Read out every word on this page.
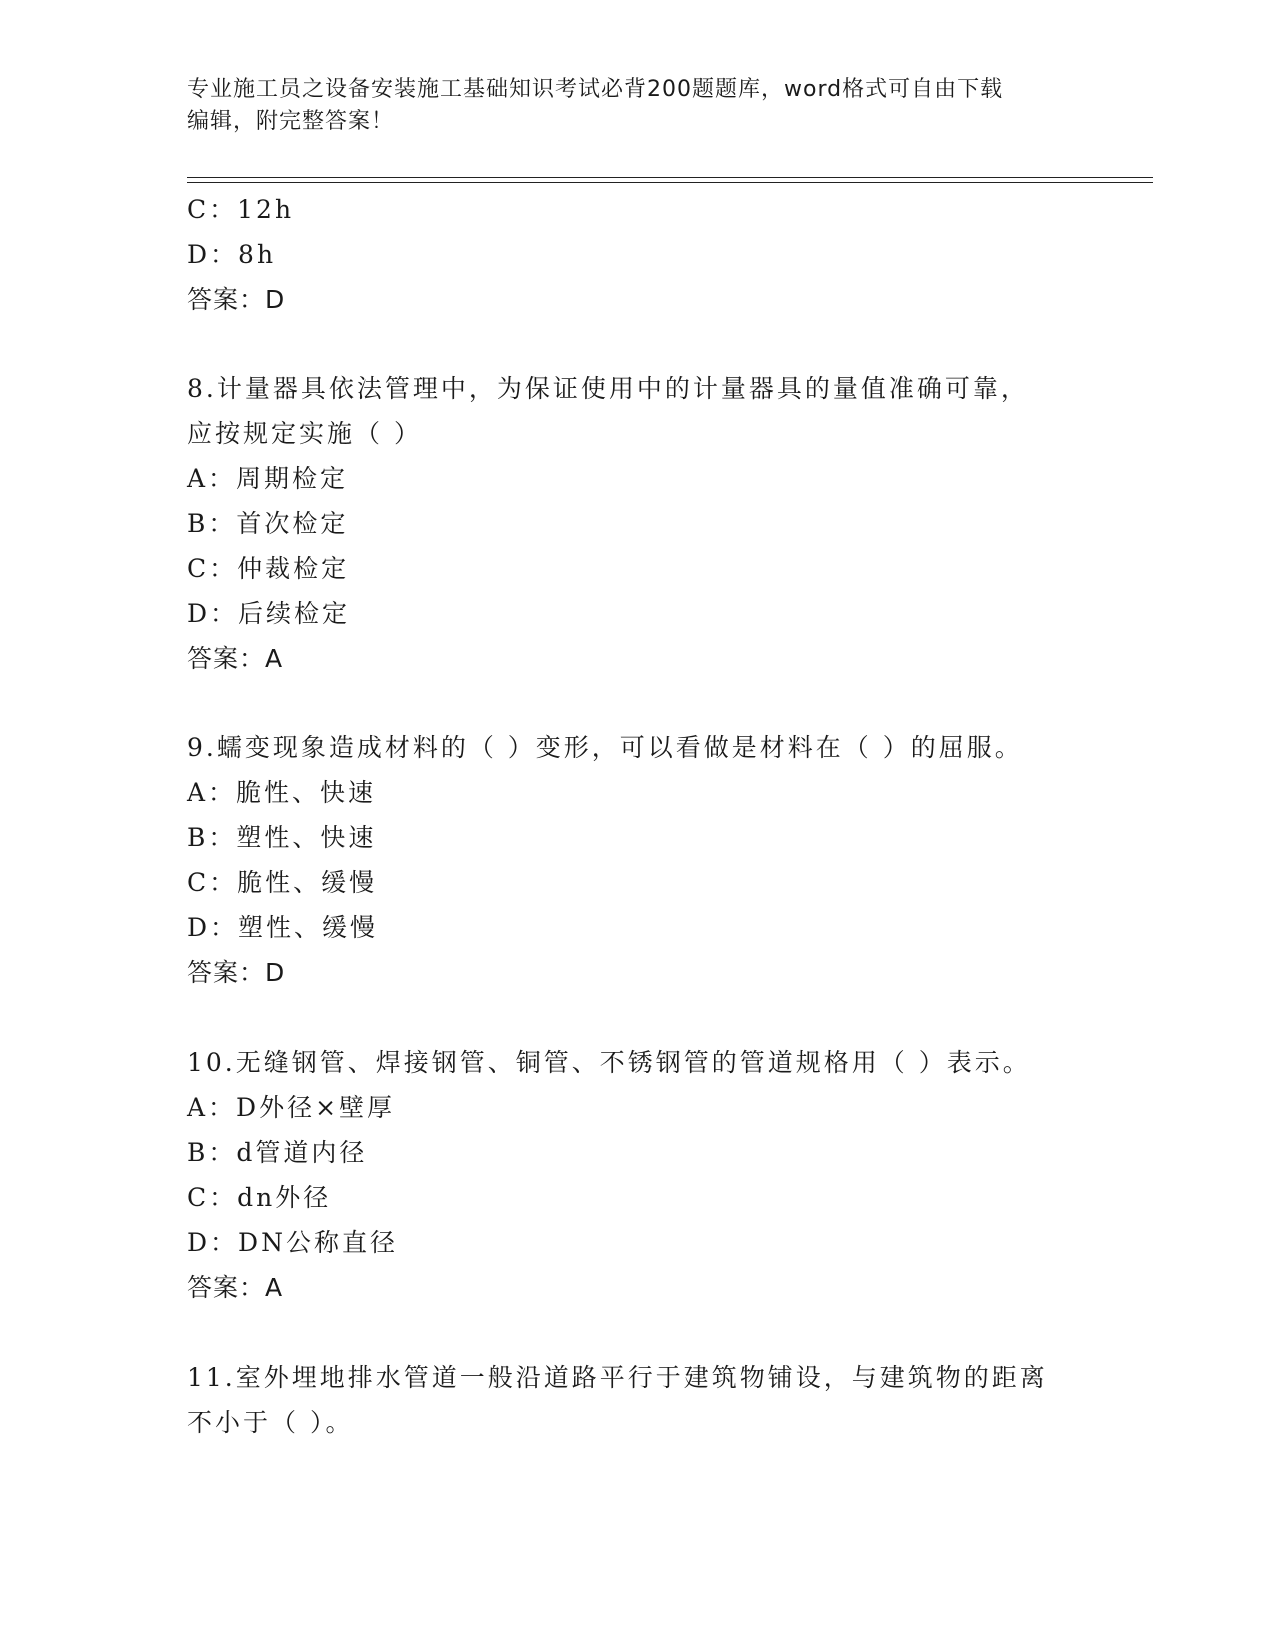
专业施工员之设备安装施工基础知识考试必背200题题库，word格式可自由下载
编辑，附完整答案！
C：12h
D：8h
答案：D
8.计量器具依法管理中，为保证使用中的计量器具的量值准确可靠，
应按规定实施（ ）
A：周期检定
B：首次检定
C：仲裁检定
D：后续检定
答案：A
9.蠕变现象造成材料的（ ）变形，可以看做是材料在（ ）的屈服。
A：脆性、快速
B：塑性、快速
C：脆性、缓慢
D：塑性、缓慢
答案：D
10.无缝钢管、焊接钢管、铜管、不锈钢管的管道规格用（ ）表示。
A：D外径×壁厚
B：d管道内径
C：dn外径
D：DN公称直径
答案：A
11.室外埋地排水管道一般沿道路平行于建筑物铺设，与建筑物的距离
不小于（ ）。
